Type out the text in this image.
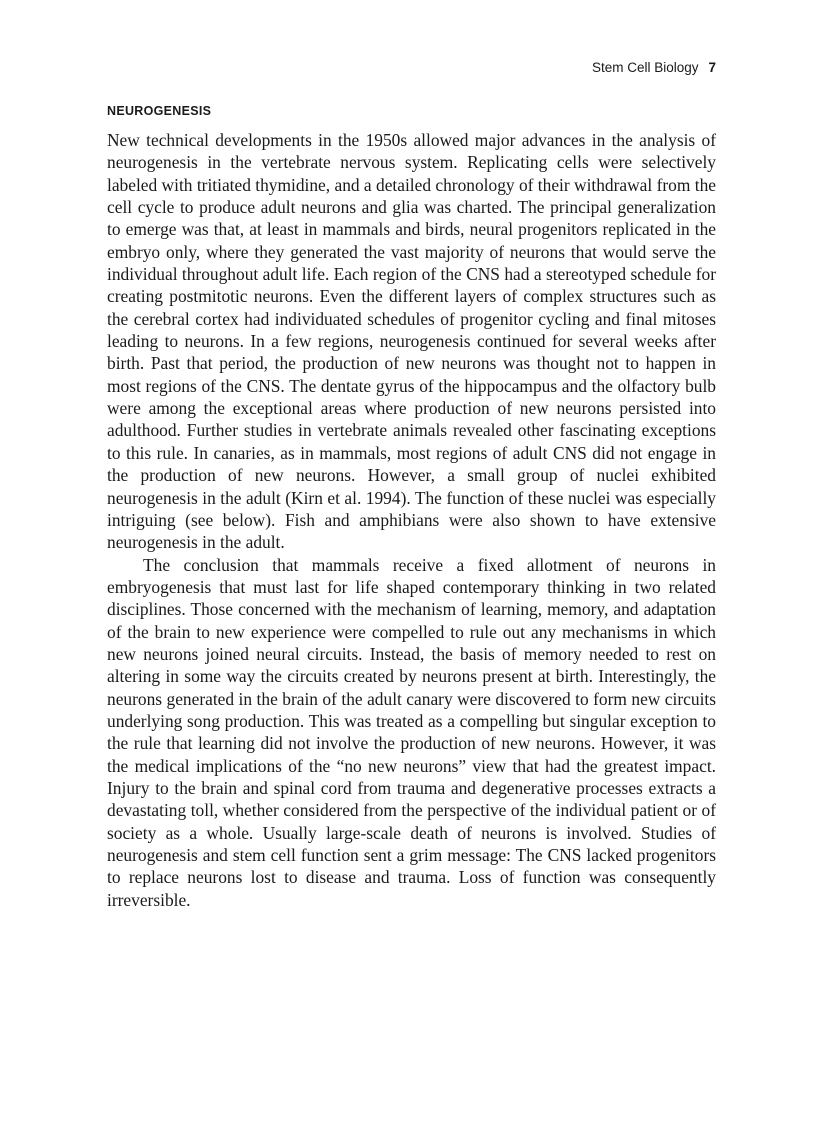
Stem Cell Biology 7
NEUROGENESIS

New technical developments in the 1950s allowed major advances in the analysis of neurogenesis in the vertebrate nervous system. Replicating cells were selectively labeled with tritiated thymidine, and a detailed chronology of their withdrawal from the cell cycle to produce adult neurons and glia was charted. The principal generalization to emerge was that, at least in mammals and birds, neural progenitors replicated in the embryo only, where they generated the vast majority of neurons that would serve the individual throughout adult life. Each region of the CNS had a stereotyped schedule for creating postmitotic neurons. Even the different layers of complex structures such as the cerebral cortex had individuated schedules of progenitor cycling and final mitoses leading to neurons. In a few regions, neurogenesis continued for several weeks after birth. Past that period, the production of new neurons was thought not to happen in most regions of the CNS. The dentate gyrus of the hippocampus and the olfactory bulb were among the exceptional areas where production of new neurons persisted into adulthood. Further studies in vertebrate animals revealed other fascinating exceptions to this rule. In canaries, as in mammals, most regions of adult CNS did not engage in the production of new neurons. However, a small group of nuclei exhibited neurogenesis in the adult (Kirn et al. 1994). The function of these nuclei was especially intriguing (see below). Fish and amphibians were also shown to have extensive neurogenesis in the adult.

The conclusion that mammals receive a fixed allotment of neurons in embryogenesis that must last for life shaped contemporary thinking in two related disciplines. Those concerned with the mechanism of learning, memory, and adaptation of the brain to new experience were compelled to rule out any mechanisms in which new neurons joined neural circuits. Instead, the basis of memory needed to rest on altering in some way the circuits created by neurons present at birth. Interestingly, the neurons generated in the brain of the adult canary were discovered to form new circuits underlying song production. This was treated as a compelling but singular exception to the rule that learning did not involve the production of new neurons. However, it was the medical implications of the “no new neurons” view that had the greatest impact. Injury to the brain and spinal cord from trauma and degenerative processes extracts a devastating toll, whether considered from the perspective of the individual patient or of society as a whole. Usually large-scale death of neurons is involved. Studies of neurogenesis and stem cell function sent a grim message: The CNS lacked progenitors to replace neurons lost to disease and trauma. Loss of function was consequently irreversible.
